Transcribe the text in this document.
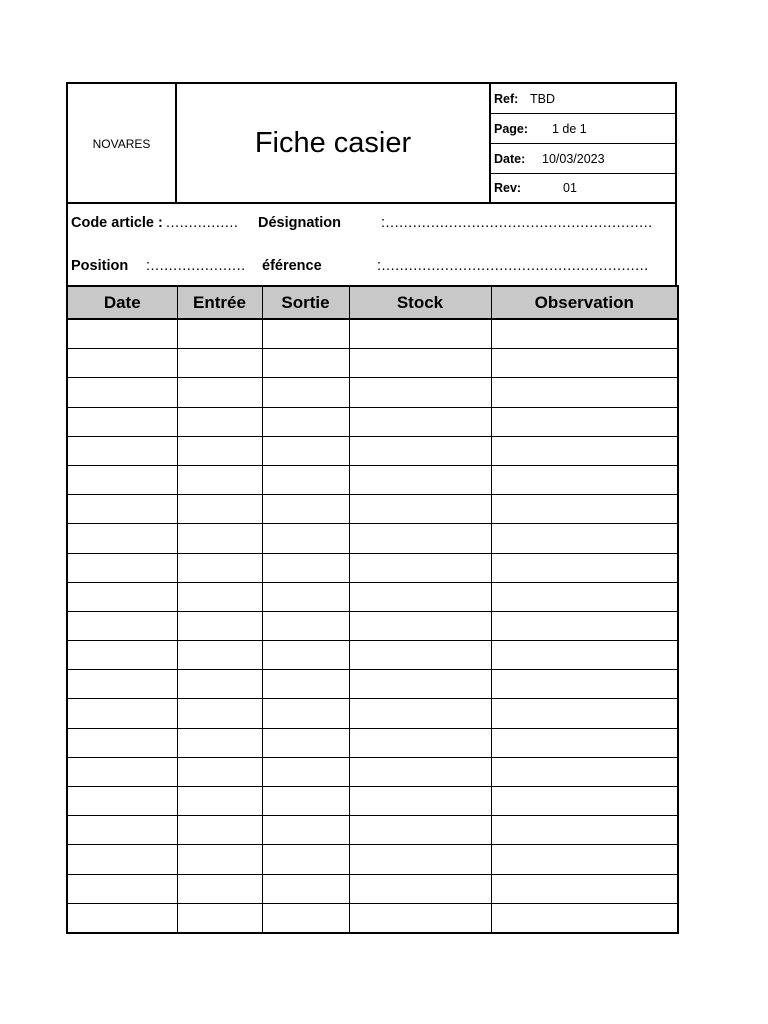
NOVARES	Fiche casier
Ref: TBD
Page: 1 de 1
Date: 10/03/2023
Rev:	01
Code article : ................	Désignation	:...........................................................
Position :.....................	éférence	:...........................................................
Date	Entrée	Sortie	Stock	Observation
